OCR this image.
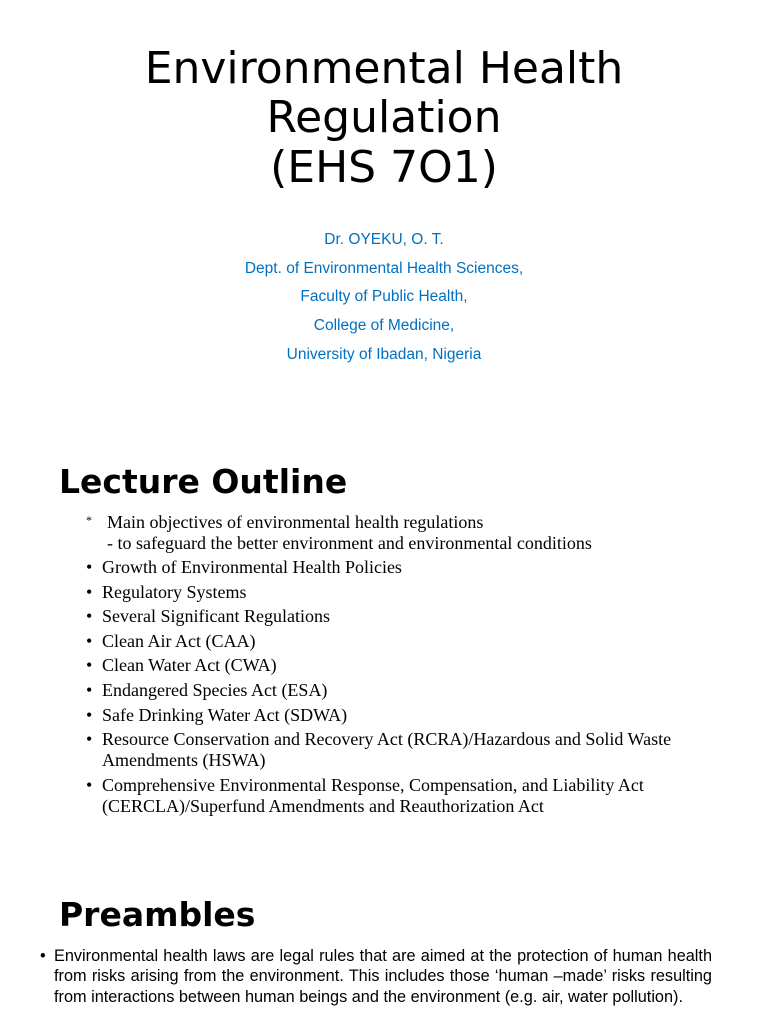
Environmental Health
Regulation
(EHS 7O1)
Dr. OYEKU, O. T.
Dept. of Environmental Health Sciences,
Faculty of Public Health,
College of Medicine,
University of Ibadan, Nigeria
Lecture Outline
* Main objectives of environmental health regulations
- to safeguard the better environment and environmental conditions
• Growth of Environmental Health Policies
• Regulatory Systems
• Several Significant Regulations
• Clean Air Act (CAA)
• Clean Water Act (CWA)
• Endangered Species Act (ESA)
• Safe Drinking Water Act (SDWA)
• Resource Conservation and Recovery Act (RCRA)/Hazardous and Solid Waste Amendments (HSWA)
• Comprehensive Environmental Response, Compensation, and Liability Act (CERCLA)/Superfund Amendments and Reauthorization Act
Preambles
• Environmental health laws are legal rules that are aimed at the protection of human health from risks arising from the environment. This includes those ‘human –made’ risks resulting from interactions between human beings and the environment (e.g. air, water pollution).
